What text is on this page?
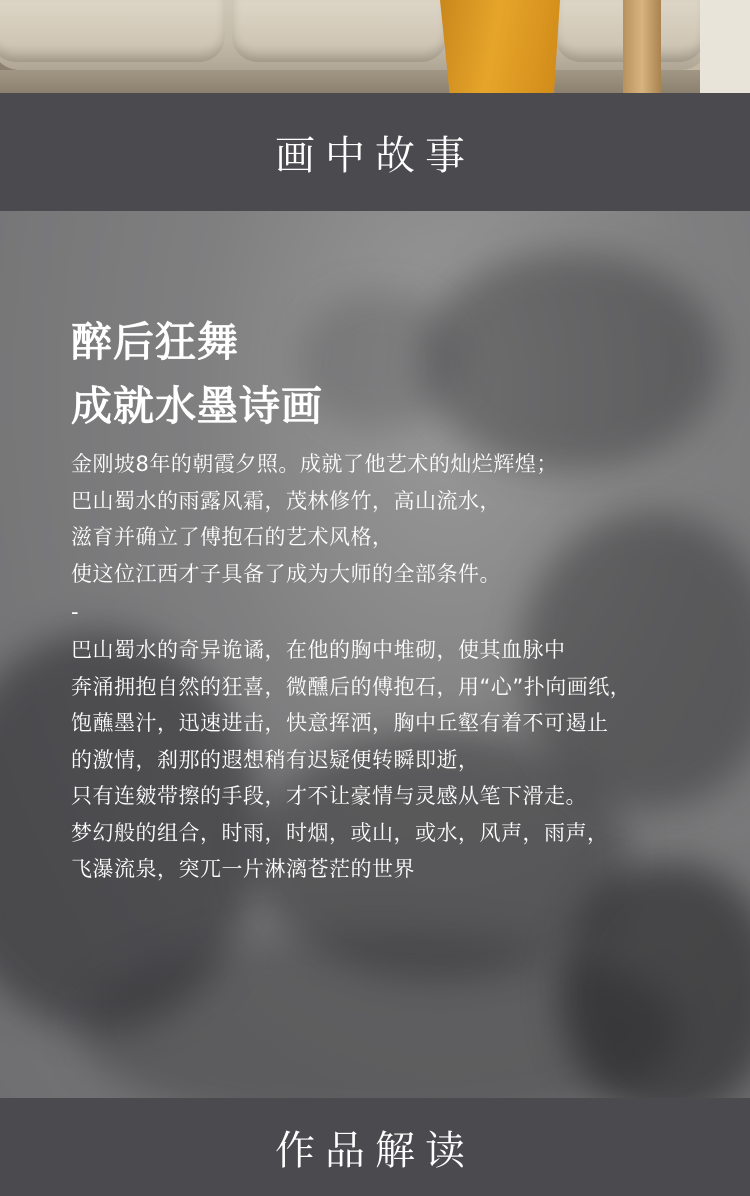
画中故事
醉后狂舞
成就水墨诗画

金刚坡8年的朝霞夕照。成就了他艺术的灿烂辉煌；

巴山蜀水的雨露风霜，茂林修竹，高山流水，

滋育并确立了傅抱石的艺术风格，

使这位江西才子具备了成为大师的全部条件。

-

巴山蜀水的奇异诡谲，在他的胸中堆砌，使其血脉中

奔涌拥抱自然的狂喜，微醺后的傅抱石，用“心”扑向画纸，

饱蘸墨汁，迅速进击，快意挥洒，胸中丘壑有着不可遏止

的激情，刹那的遐想稍有迟疑便转瞬即逝，

只有连皴带擦的手段，才不让豪情与灵感从笔下滑走。

梦幻般的组合，时雨，时烟，或山，或水，风声，雨声，

飞瀑流泉，突兀一片淋漓苍茫的世界

作品解读
